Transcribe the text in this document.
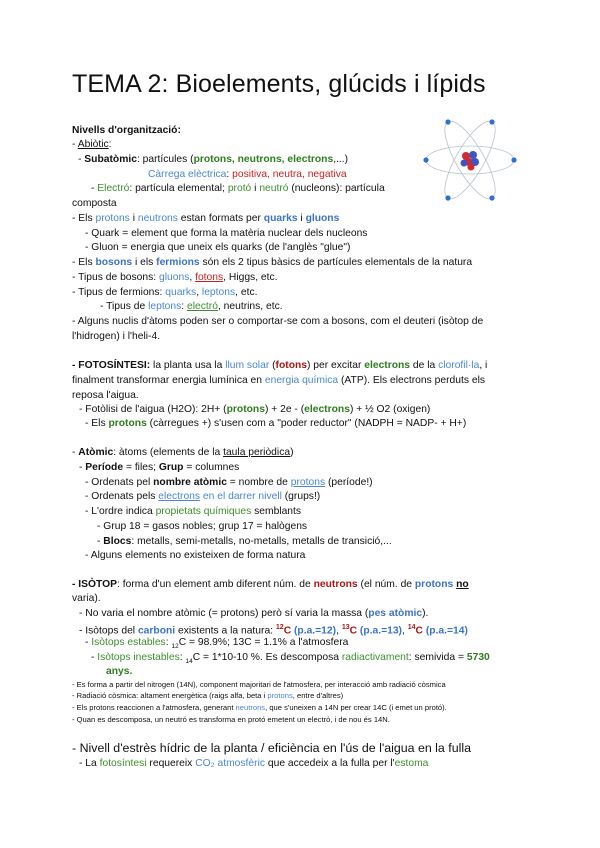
TEMA 2: Bioelements, glúcids i lípids
Nivells d'organització:
- Abiòtic:
- Subatòmic: partícules (protons, neutrons, electrons,...)
Càrrega elèctrica: positiva, neutra, negativa
- Electró: partícula elemental; protó i neutró (nucleons): partícula
composta
- Els protons i neutrons estan formats per quarks i gluons
- Quark = element que forma la matèria nuclear dels nucleons
- Gluon = energia que uneix els quarks (de l'anglès "glue")
- Els bosons i els fermions són els 2 tipus bàsics de partícules elementals de la natura
- Tipus de bosons: gluons, fotons, Higgs, etc.
- Tipus de fermions: quarks, leptons, etc.
- Tipus de leptons: electró, neutrins, etc.
- Alguns nuclis d'àtoms poden ser o comportar-se com a bosons, com el deuteri (isòtop de
l'hidrogen) i l'heli-4.
- FOTOSÍNTESI: la planta usa la llum solar (fotons) per excitar electrons de la clorofil·la, i
finalment transformar energia lumínica en energia química (ATP). Els electrons perduts els
reposa l'aigua.
- Fotòlisi de l'aigua (H2O): 2H+ (protons) + 2e - (electrons) + ½ O2 (oxigen)
- Els protons (càrregues +) s'usen com a "poder reductor" (NADPH = NADP- + H+)
- Atòmic: àtoms (elements de la taula periòdica)
- Període = files; Grup = columnes
- Ordenats pel nombre atòmic = nombre de protons (període!)
- Ordenats pels electrons en el darrer nivell (grups!)
- L'ordre indica propietats químiques semblants
- Grup 18 = gasos nobles; grup 17 = halògens
- Blocs: metalls, semi-metalls, no-metalls, metalls de transició,...
- Alguns elements no existeixen de forma natura
- ISÒTOP: forma d'un element amb diferent núm. de neutrons (el núm. de protons no
varia).
- No varia el nombre atòmic (= protons) però sí varia la massa (pes atòmic).
- Isòtops del carboni existents a la natura: $^{12}$C (p.a.=12), $^{13}$C (p.a.=13), $^{14}$C (p.a.=14)
- Isòtops estables: $_{12}$C = 98.9%; 13C = 1.1% a l'atmosfera
- Isòtops inestables: $_{14}$C = 1*10-10 %. Es descomposa radiactivament: semivida = 5730
anys.
- Es forma a partir del nitrogen (14N), component majoritari de l'atmosfera, per interacció amb radiació còsmica
- Radiació còsmica: altament energètica (raigs alfa, beta i protons, entre d'altres)
- Els protons reaccionen a l'atmosfera, generant neutrons, que s'uneixen a 14N per crear 14C (i emet un protó).
- Quan es descomposa, un neutró es transforma en protó emetent un electró, i de nou és 14N.
- Nivell d'estrès hídric de la planta / eficiència en l'ús de l'aigua en la fulla
- La fotosíntesi requereix CO₂ atmosfèric que accedeix a la fulla per l'estoma
